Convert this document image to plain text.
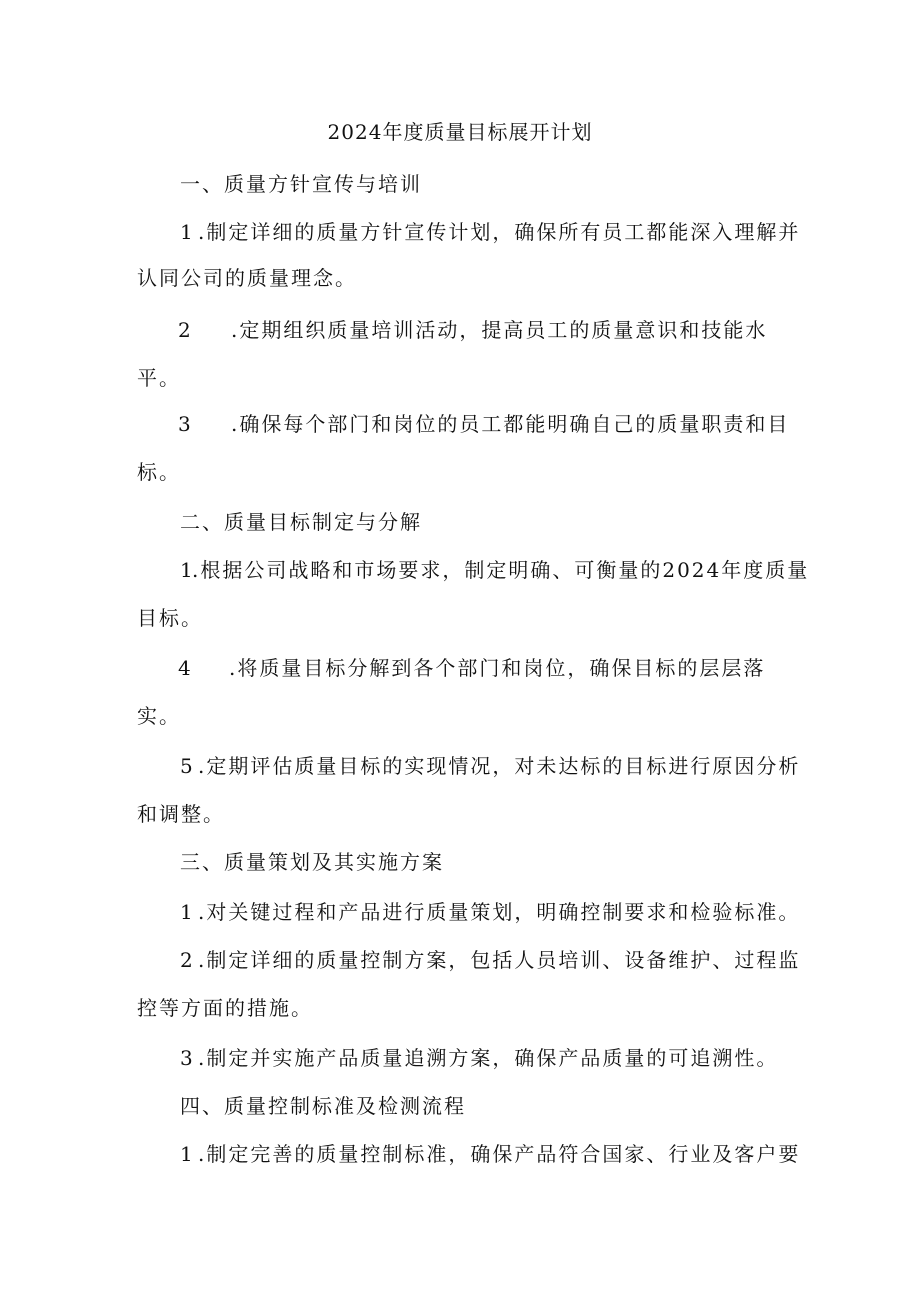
2024年度质量目标展开计划
一、质量方针宣传与培训
1 .制定详细的质量方针宣传计划，确保所有员工都能深入理解并
认同公司的质量理念。
2 .定期组织质量培训活动，提高员工的质量意识和技能水
平。
3 .确保每个部门和岗位的员工都能明确自己的质量职责和目
标。
二、质量目标制定与分解
1 .根据公司战略和市场要求，制定明确、可衡量的2024年度质量
目标。
4 .将质量目标分解到各个部门和岗位，确保目标的层层落
实。
5 .定期评估质量目标的实现情况，对未达标的目标进行原因分析
和调整。
三、质量策划及其实施方案
1 .对关键过程和产品进行质量策划，明确控制要求和检验标准。
2 .制定详细的质量控制方案，包括人员培训、设备维护、过程监
控等方面的措施。
3 .制定并实施产品质量追溯方案，确保产品质量的可追溯性。
四、质量控制标准及检测流程
1 .制定完善的质量控制标准，确保产品符合国家、行业及客户要
